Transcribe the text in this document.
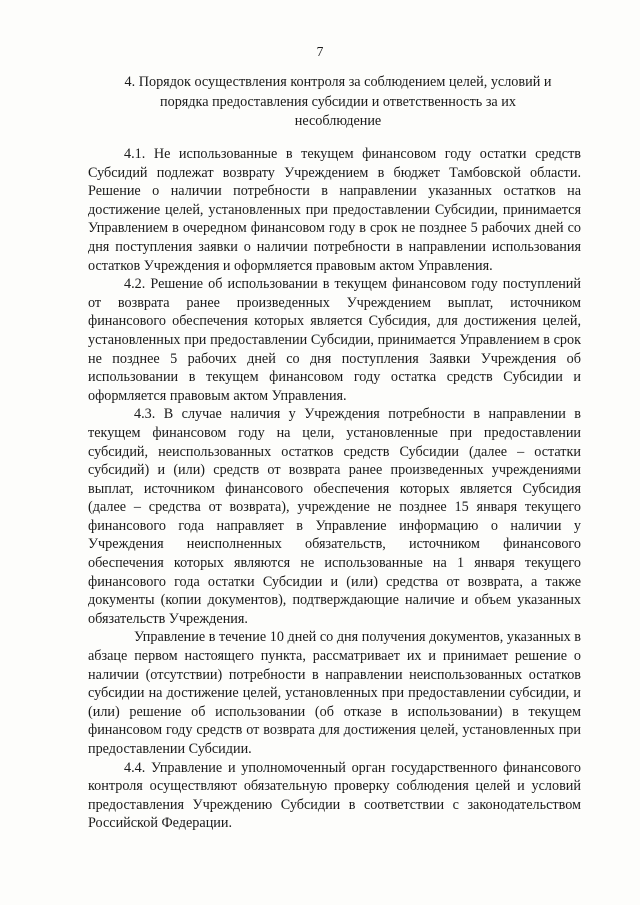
7
4. Порядок осуществления контроля за соблюдением целей, условий и
порядка предоставления субсидии и ответственность за их
несоблюдение

4.1. Не использованные в текущем финансовом году остатки средств Субсидий подлежат возврату Учреждением в бюджет Тамбовской области. Решение о наличии потребности в направлении указанных остатков на достижение целей, установленных при предоставлении Субсидии, принимается Управлением в очередном финансовом году в срок не позднее 5 рабочих дней со дня поступления заявки о наличии потребности в направлении использования остатков Учреждения и оформляется правовым актом Управления.

4.2. Решение об использовании в текущем финансовом году поступлений от возврата ранее произведенных Учреждением выплат, источником финансового обеспечения которых является Субсидия, для достижения целей, установленных при предоставлении Субсидии, принимается Управлением в срок не позднее 5 рабочих дней со дня поступления Заявки Учреждения об использовании в текущем финансовом году остатка средств Субсидии и оформляется правовым актом Управления.

4.3. В случае наличия у Учреждения потребности в направлении в текущем финансовом году на цели, установленные при предоставлении субсидий, неиспользованных остатков средств Субсидии (далее – остатки субсидий) и (или) средств от возврата ранее произведенных учреждениями выплат, источником финансового обеспечения которых является Субсидия (далее – средства от возврата), учреждение не позднее 15 января текущего финансового года направляет в Управление информацию о наличии у Учреждения неисполненных обязательств, источником финансового обеспечения которых являются не использованные на 1 января текущего финансового года остатки Субсидии и (или) средства от возврата, а также документы (копии документов), подтверждающие наличие и объем указанных обязательств Учреждения.

Управление в течение 10 дней со дня получения документов, указанных в абзаце первом настоящего пункта, рассматривает их и принимает решение о наличии (отсутствии) потребности в направлении неиспользованных остатков субсидии на достижение целей, установленных при предоставлении субсидии, и (или) решение об использовании (об отказе в использовании) в текущем финансовом году средств от возврата для достижения целей, установленных при предоставлении Субсидии.

4.4. Управление и уполномоченный орган государственного финансового контроля осуществляют обязательную проверку соблюдения целей и условий предоставления Учреждению Субсидии в соответствии с законодательством Российской Федерации.
